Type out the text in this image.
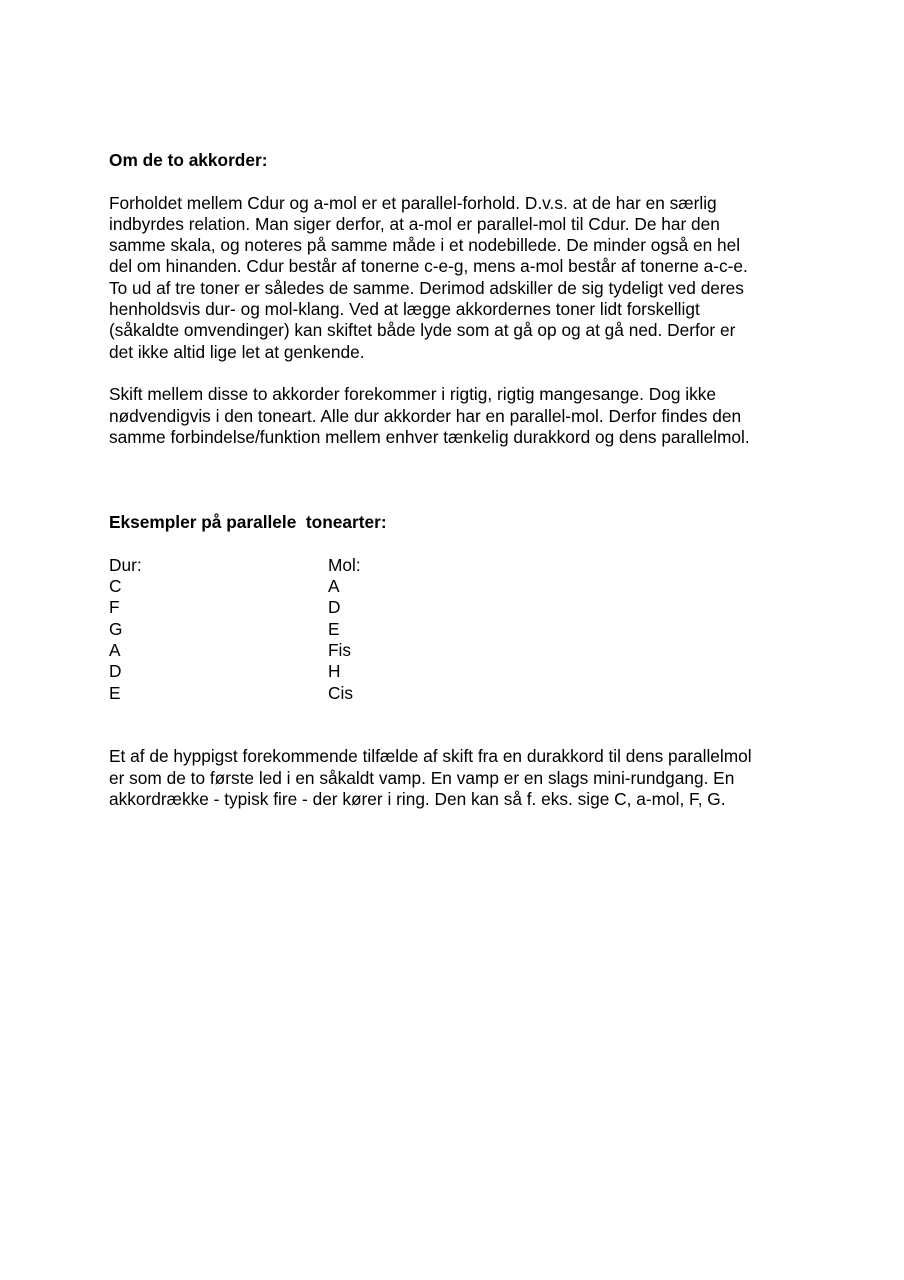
Om de to akkorder:

Forholdet mellem Cdur og a-mol er et parallel-forhold. D.v.s. at de har en særlig
indbyrdes relation. Man siger derfor, at a-mol er parallel-mol til Cdur. De har den
samme skala, og noteres på samme måde i et nodebillede. De minder også en hel
del om hinanden. Cdur består af tonerne c-e-g, mens a-mol består af tonerne a-c-e.
To ud af tre toner er således de samme. Derimod adskiller de sig tydeligt ved deres
henholdsvis dur- og mol-klang. Ved at lægge akkordernes toner lidt forskelligt
(såkaldte omvendinger) kan skiftet både lyde som at gå op og at gå ned. Derfor er
det ikke altid lige let at genkende.

Skift mellem disse to akkorder forekommer i rigtig, rigtig mangesange. Dog ikke
nødvendigvis i den toneart. Alle dur akkorder har en parallel-mol. Derfor findes den
samme forbindelse/funktion mellem enhver tænkelig durakkord og dens parallelmol.

Eksempler på parallele  tonearter:

Dur:	Mol:
C	A
F	D
G	E
A	Fis
D	H
E	Cis

Et af de hyppigst forekommende tilfælde af skift fra en durakkord til dens parallelmol
er som de to første led i en såkaldt vamp. En vamp er en slags mini-rundgang. En
akkordrække - typisk fire - der kører i ring. Den kan så f. eks. sige C, a-mol, F, G.
